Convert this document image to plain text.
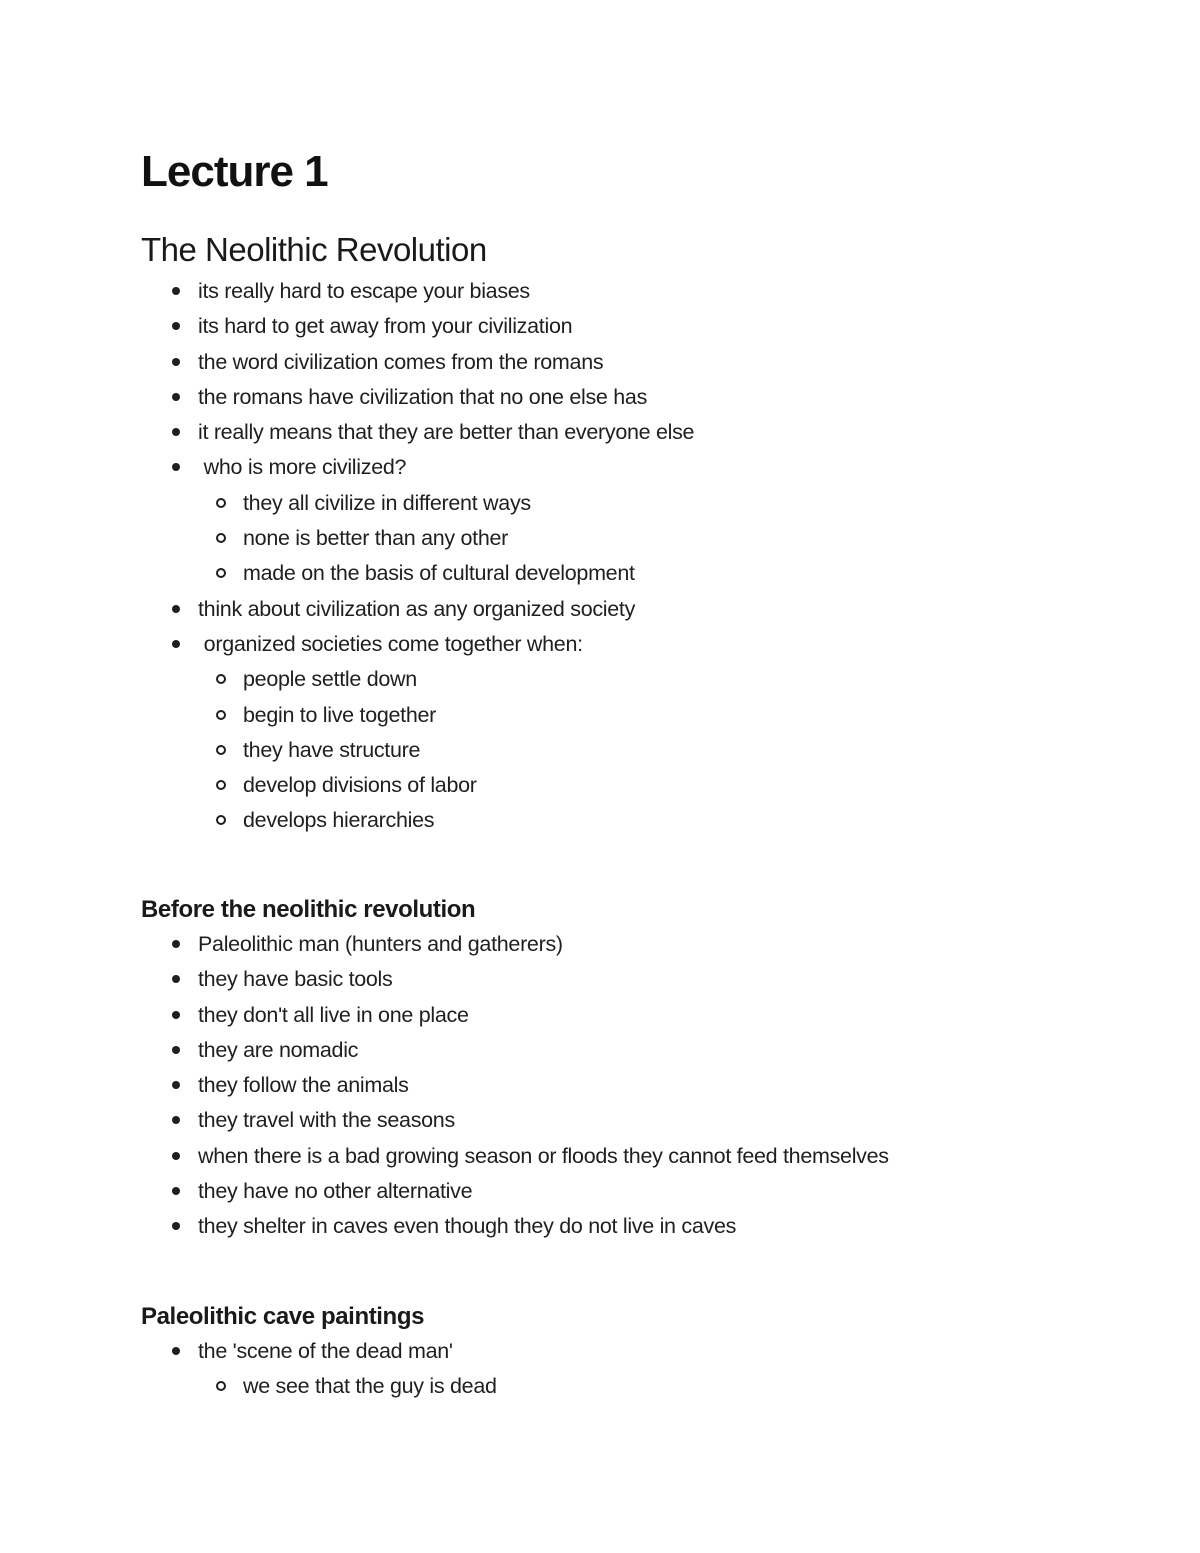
Lecture 1
The Neolithic Revolution
its really hard to escape your biases
its hard to get away from your civilization
the word civilization comes from the romans
the romans have civilization that no one else has
it really means that they are better than everyone else
who is more civilized?
they all civilize in different ways
none is better than any other
made on the basis of cultural development
think about civilization as any organized society
organized societies come together when:
people settle down
begin to live together
they have structure
develop divisions of labor
develops hierarchies
Before the neolithic revolution
Paleolithic man (hunters and gatherers)
they have basic tools
they don't all live in one place
they are nomadic
they follow the animals
they travel with the seasons
when there is a bad growing season or floods they cannot feed themselves
they have no other alternative
they shelter in caves even though they do not live in caves
Paleolithic cave paintings
the 'scene of the dead man'
we see that the guy is dead
